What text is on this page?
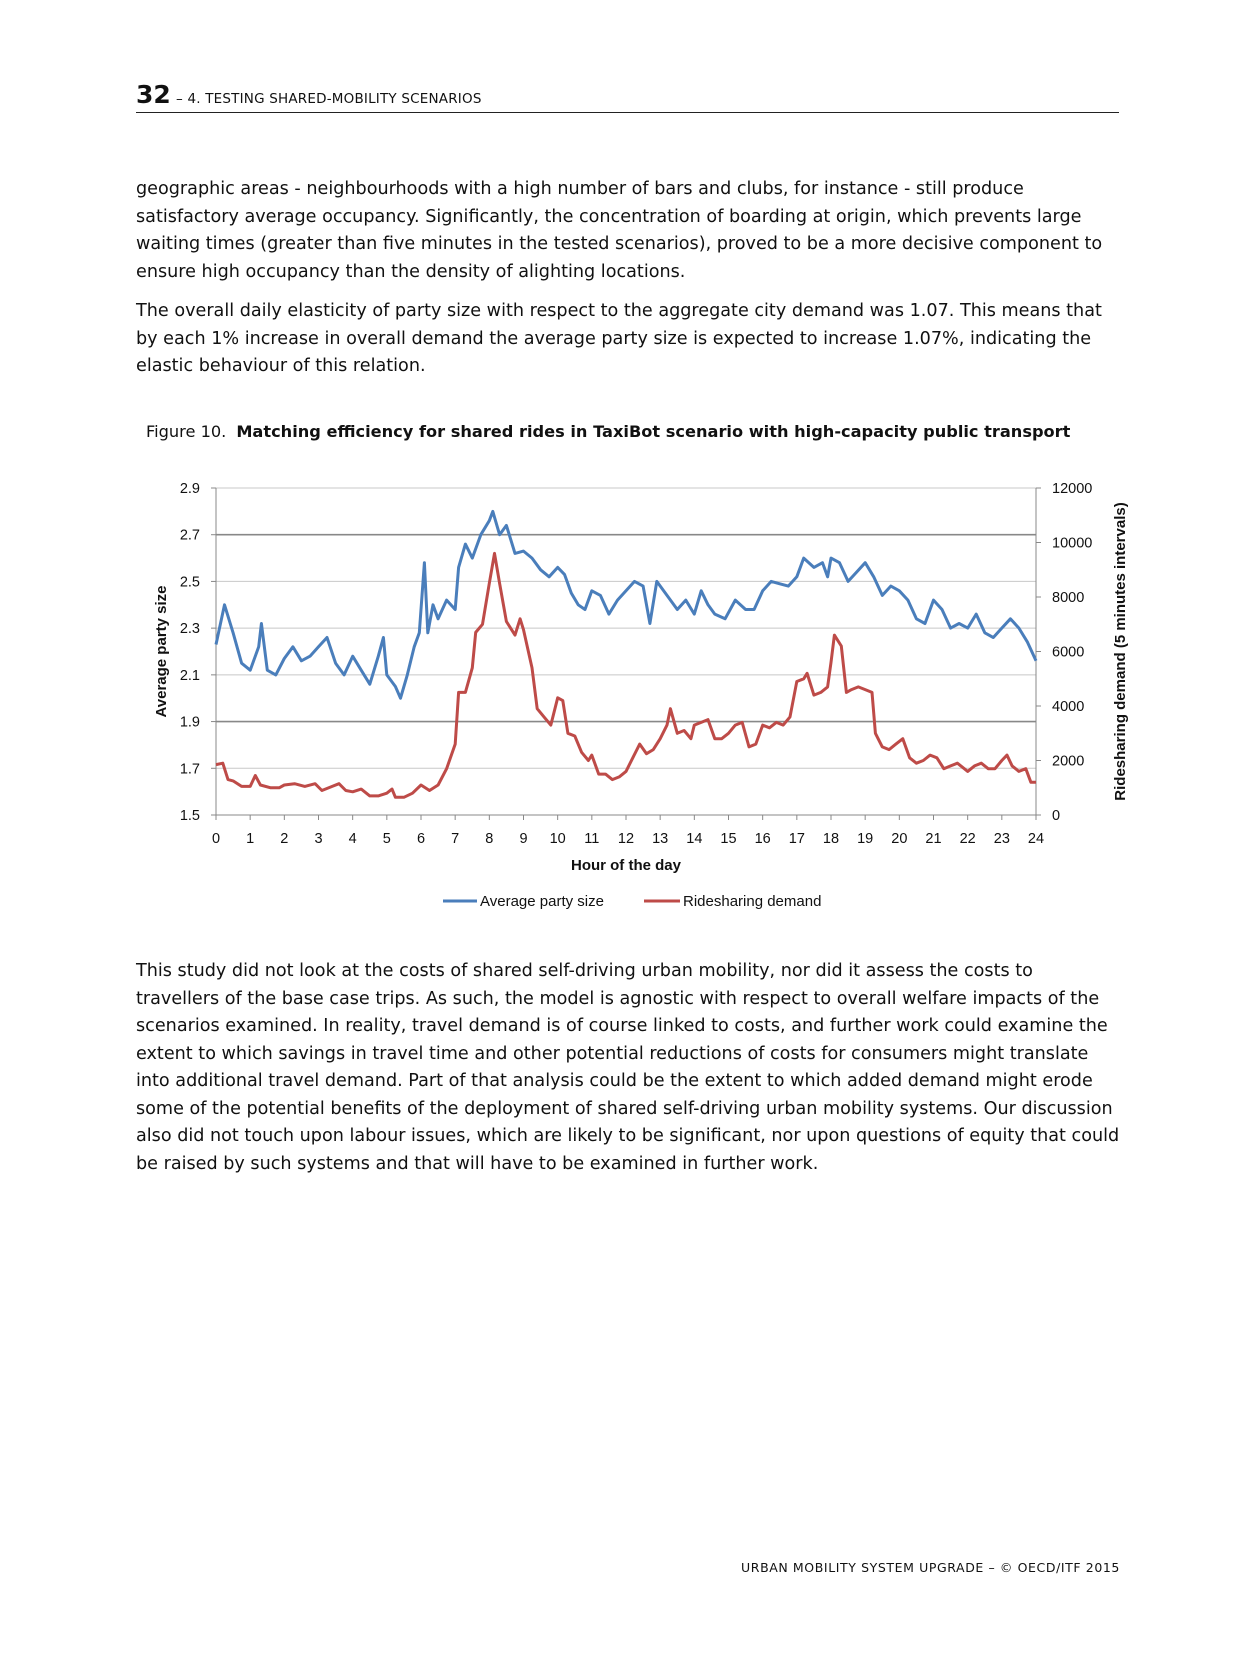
32 – 4. TESTING SHARED-MOBILITY SCENARIOS

geographic areas - neighbourhoods with a high number of bars and clubs, for instance - still produce satisfactory average occupancy. Significantly, the concentration of boarding at origin, which prevents large waiting times (greater than five minutes in the tested scenarios), proved to be a more decisive component to ensure high occupancy than the density of alighting locations.

The overall daily elasticity of party size with respect to the aggregate city demand was 1.07. This means that by each 1% increase in overall demand the average party size is expected to increase 1.07%, indicating the elastic behaviour of this relation.

Figure 10. Matching efficiency for shared rides in TaxiBot scenario with high-capacity public transport
1.5
1.7
1.9
2.1
2.3
2.5
2.7
2.9
0
2000
4000
6000
8000
10000
12000
0 1 2 3 4 5 6 7 8 9 10 11 12 13 14 15 16 17 18 19 20 21 22 23 24
Hour of the day
Average party size	Ridesharing demand (5 minutes intervals)
Average party size	Ridesharing demand

This study did not look at the costs of shared self-driving urban mobility, nor did it assess the costs to travellers of the base case trips. As such, the model is agnostic with respect to overall welfare impacts of the scenarios examined. In reality, travel demand is of course linked to costs, and further work could examine the extent to which savings in travel time and other potential reductions of costs for consumers might translate into additional travel demand. Part of that analysis could be the extent to which added demand might erode some of the potential benefits of the deployment of shared self-driving urban mobility systems. Our discussion also did not touch upon labour issues, which are likely to be significant, nor upon questions of equity that could be raised by such systems and that will have to be examined in further work.

URBAN MOBILITY SYSTEM UPGRADE – © OECD/ITF 2015
